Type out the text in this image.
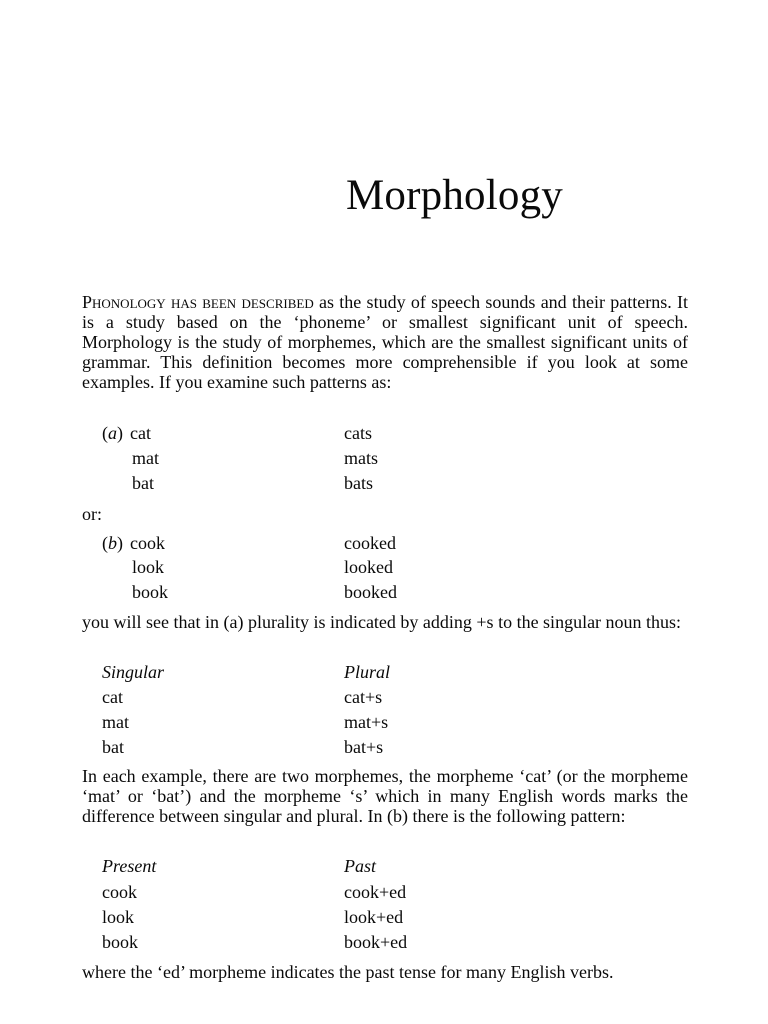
Morphology

Phonology has been described as the study of speech sounds and their patterns. It is a study based on the ‘phoneme’ or smallest significant unit of speech. Morphology is the study of morphemes, which are the smallest significant units of grammar. This definition becomes more comprehensible if you look at some examples. If you examine such patterns as:

(a) cat	cats
mat	mats
bat	bats
or:
(b) cook	cooked
look	looked
book	booked

you will see that in (a) plurality is indicated by adding +s to the singular noun thus:

Singular	Plural
cat	cat+s
mat	mat+s
bat	bat+s

In each example, there are two morphemes, the morpheme ‘cat’ (or the morpheme ‘mat’ or ‘bat’) and the morpheme ‘s’ which in many English words marks the difference between singular and plural. In (b) there is the following pattern:

Present	Past
cook	cook+ed
look	look+ed
book	book+ed

where the ‘ed’ morpheme indicates the past tense for many English verbs.
